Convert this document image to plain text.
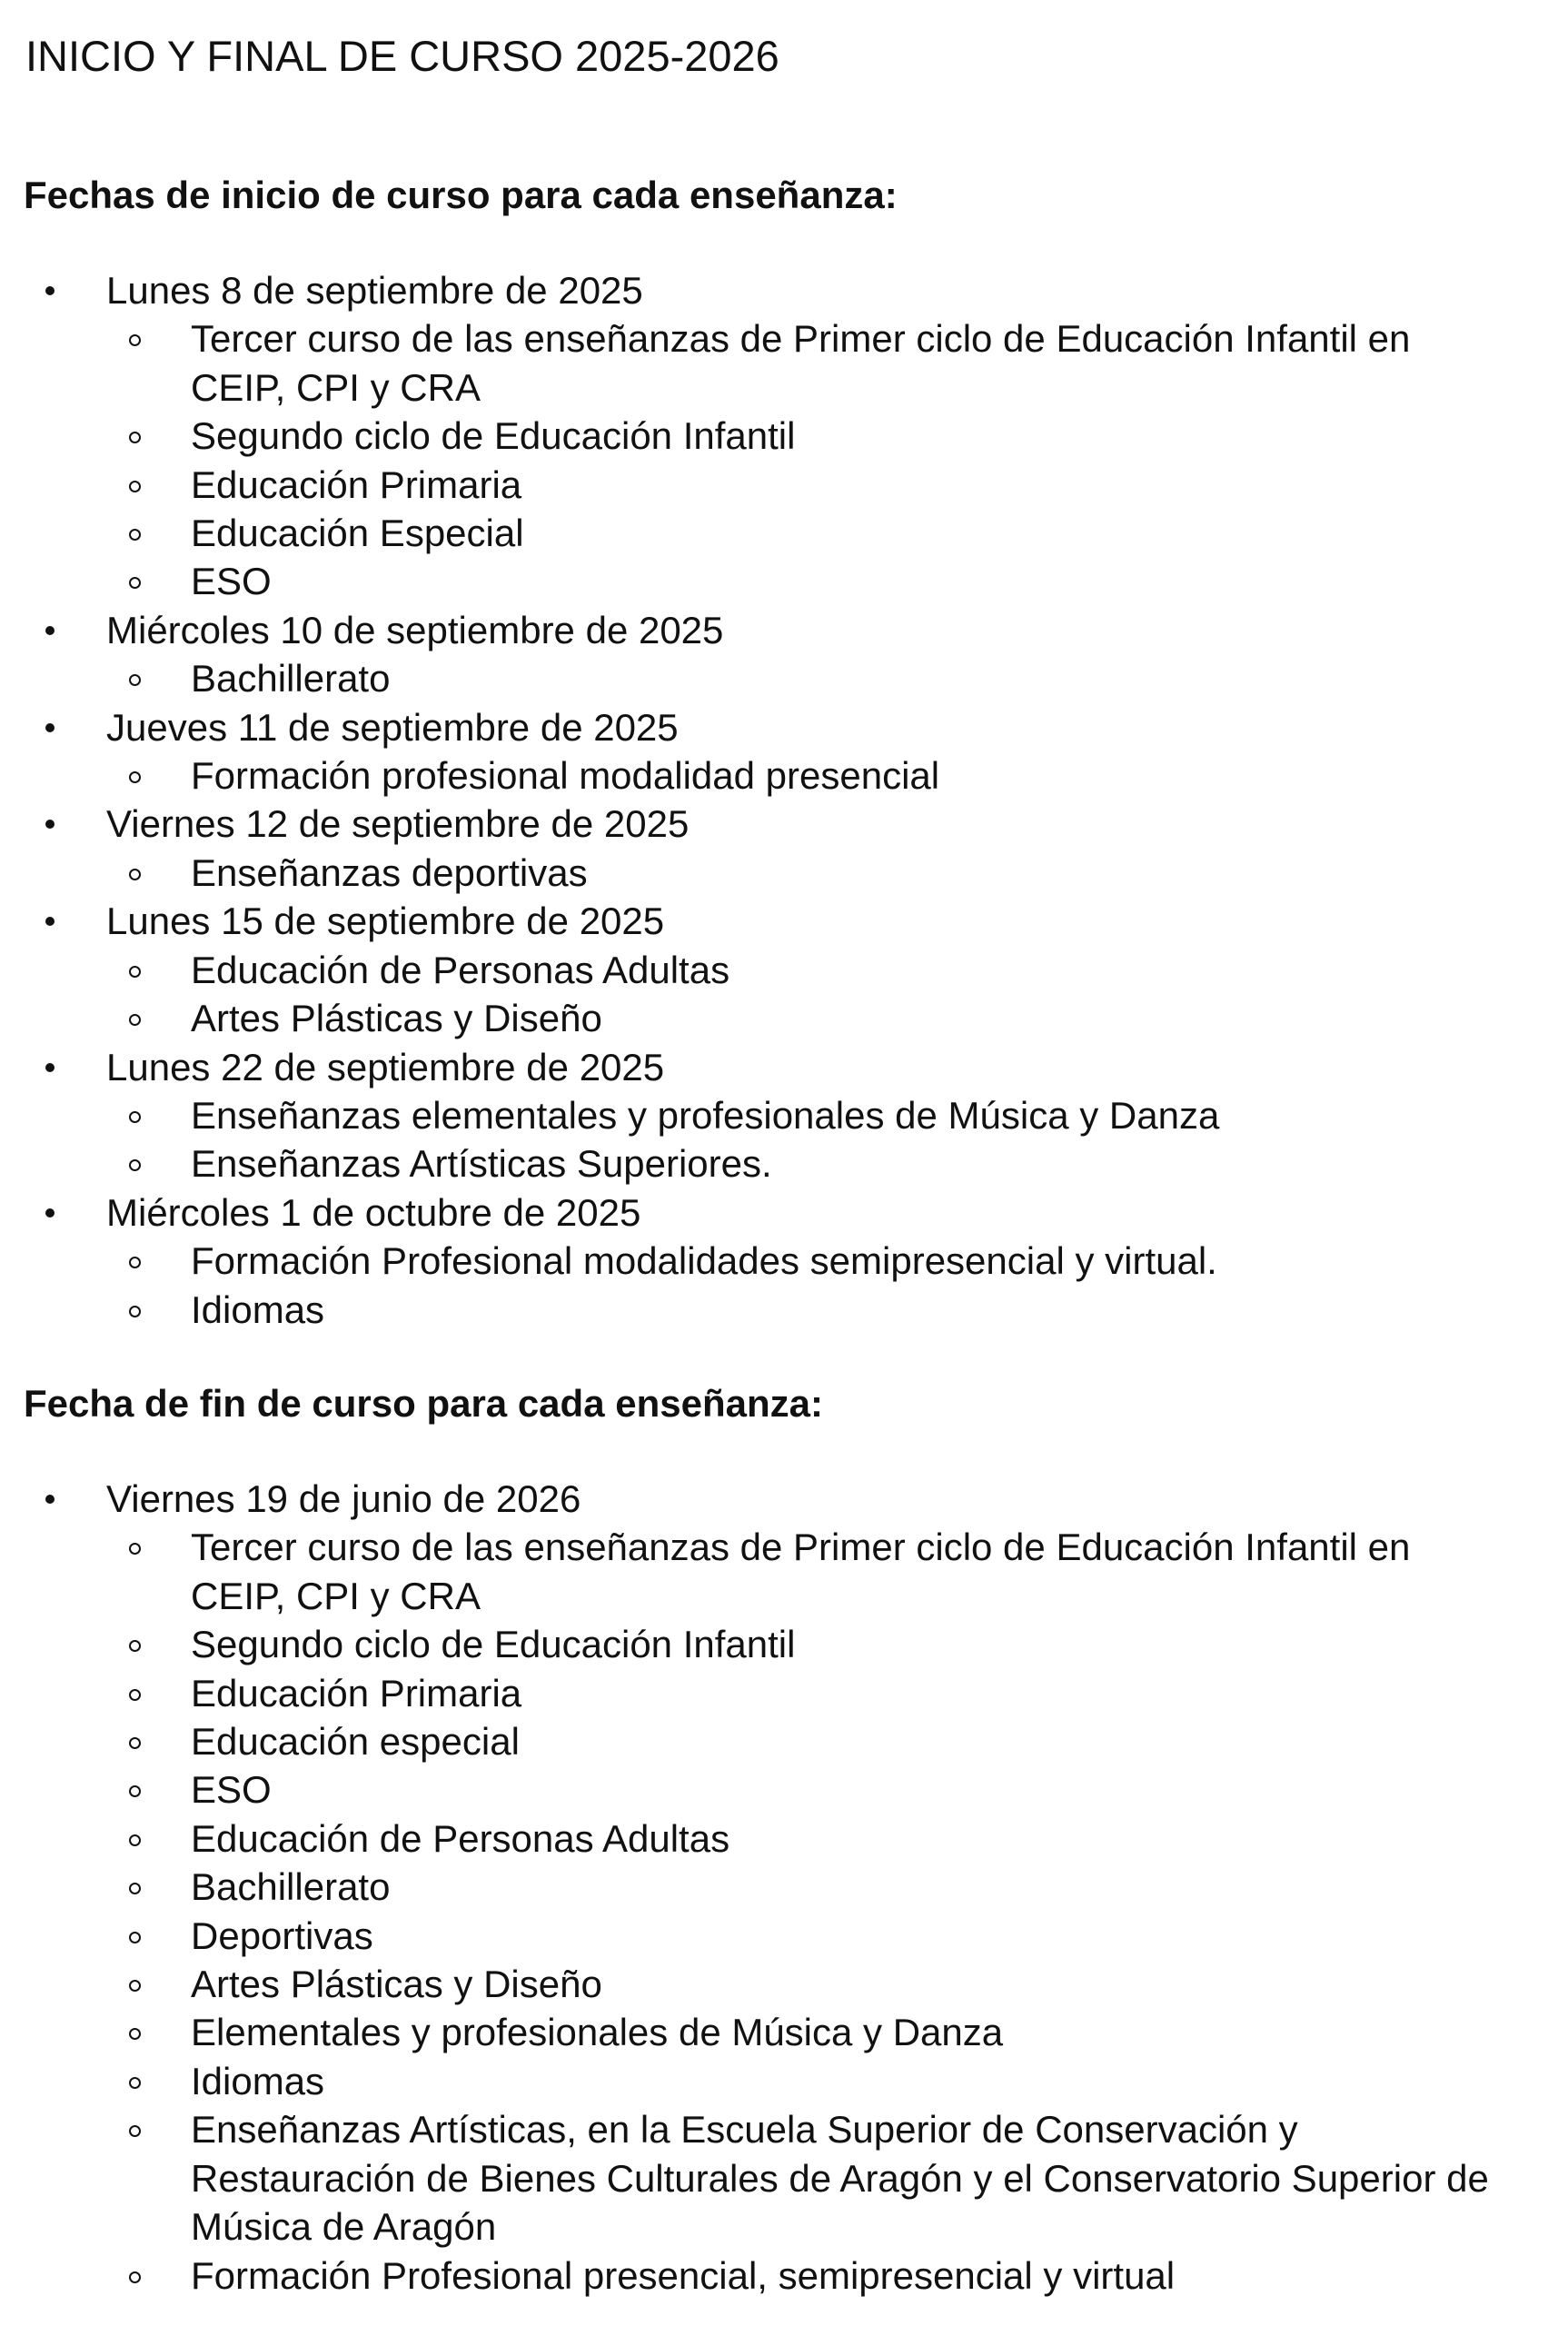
INICIO Y FINAL DE CURSO 2025-2026
Fechas de inicio de curso para cada enseñanza:
Lunes 8 de septiembre de 2025
Tercer curso de las enseñanzas de Primer ciclo de Educación Infantil en CEIP, CPI y CRA
Segundo ciclo de Educación Infantil
Educación Primaria
Educación Especial
ESO
Miércoles 10 de septiembre de 2025
Bachillerato
Jueves 11 de septiembre de 2025
Formación profesional modalidad presencial
Viernes 12 de septiembre de 2025
Enseñanzas deportivas
Lunes 15 de septiembre de 2025
Educación de Personas Adultas
Artes Plásticas y Diseño
Lunes 22 de septiembre de 2025
Enseñanzas elementales y profesionales de Música y Danza
Enseñanzas Artísticas Superiores.
Miércoles 1 de octubre de 2025
Formación Profesional modalidades semipresencial y virtual.
Idiomas
Fecha de fin de curso para cada enseñanza:
Viernes 19 de junio de 2026
Tercer curso de las enseñanzas de Primer ciclo de Educación Infantil en CEIP, CPI y CRA
Segundo ciclo de Educación Infantil
Educación Primaria
Educación especial
ESO
Educación de Personas Adultas
Bachillerato
Deportivas
Artes Plásticas y Diseño
Elementales y profesionales de Música y Danza
Idiomas
Enseñanzas Artísticas, en la Escuela Superior de Conservación y Restauración de Bienes Culturales de Aragón y el Conservatorio Superior de Música de Aragón
Formación Profesional presencial, semipresencial y virtual
